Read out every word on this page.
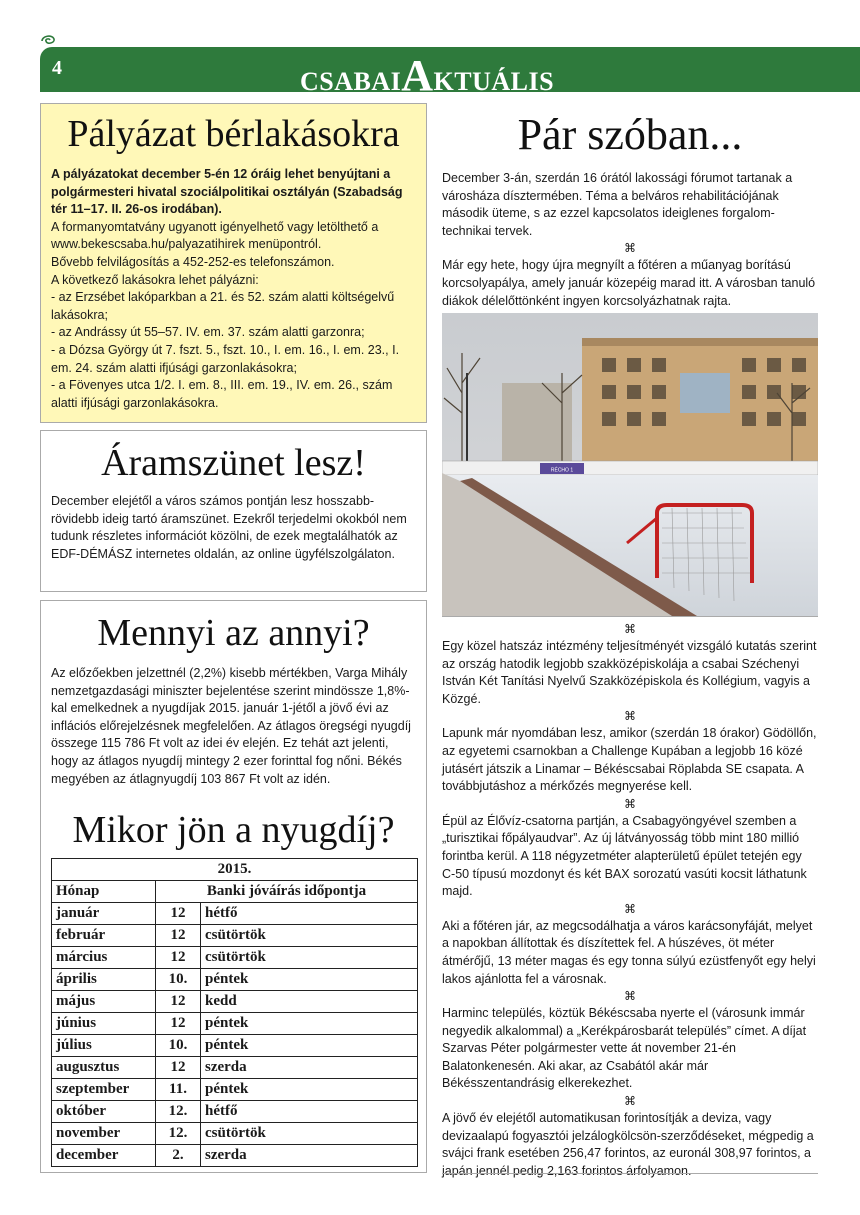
4	CSABAIAKTUÁLIS
Pályázat bérlakásokra

A pályázatokat december 5-én 12 óráig lehet benyújtani a polgármesteri hivatal szociálpolitikai osztályán (Szabadság tér 11–17. II. 26-os irodában).

A formanyomtatvány ugyanott igényelhető vagy letölthető a www.bekescsaba.hu/palyazatihirek menüpontról.

Bővebb felvilágosítás a 452-252-es telefonszámon.

A következő lakásokra lehet pályázni:

- az Erzsébet lakóparkban a 21. és 52. szám alatti költségelvű lakásokra;

- az Andrássy út 55–57. IV. em. 37. szám alatti garzonra;

- a Dózsa György út 7. fszt. 5., fszt. 10., I. em. 16., I. em. 23., I. em. 24. szám alatti ifjúsági garzonlakásokra;

- a Fövenyes utca 1/2. I. em. 8., III. em. 19., IV. em. 26., szám alatti ifjúsági garzonlakásokra.

Áramszünet lesz!

December elejétől a város számos pontján lesz hosszabb-rövidebb ideig tartó áramszünet. Ezekről terjedelmi okokból nem tudunk részletes információt közölni, de ezek megtalálhatók az EDF-DÉMÁSZ internetes oldalán, az online ügyfélszolgálaton.

Mennyi az annyi?

Az előzőekben jelzettnél (2,2%) kisebb mértékben, Varga Mihály nemzetgazdasági miniszter bejelentése szerint mindössze 1,8%-kal emelkednek a nyugdíjak 2015. január 1-jétől a jövő évi az inflációs előrejelzésnek megfelelően. Az átlagos öregségi nyugdíj összege 115 786 Ft volt az idei év elején. Ez tehát azt jelenti, hogy az átlagos nyugdíj mintegy 2 ezer forinttal fog nőni. Békés megyében az átlagnyugdíj 103 867 Ft volt az idén.

Mikor jön a nyugdíj?
2015.		
Hónap	Banki jóváírás időpontja	
január	12	hétfő
február	12	csütörtök
március	12	csütörtök
április	10.	péntek
május	12	kedd
június	12	péntek
július	10.	péntek
augusztus	12	szerda
szeptember	11.	péntek
október	12.	hétfő
november	12.	csütörtök
december	2.	szerda
Pár szóban...

December 3-án, szerdán 16 órától lakossági fórumot tartanak a városháza dísztermében. Téma a belváros rehabilitációjának második üteme, s az ezzel kapcsolatos ideiglenes forgalom-technikai tervek.

⌘

Már egy hete, hogy újra megnyílt a főtéren a műanyag borítású korcsolyapálya, amely január közepéig marad itt. A városban tanuló diákok délelőttönként ingyen korcsolyázhatnak rajta.

RÉCHO 1
⌘

Egy közel hatszáz intézmény teljesítményét vizsgáló kutatás szerint az ország hatodik legjobb szakközépiskolája a csabai Széchenyi István Két Tanítási Nyelvű Szakközépiskola és Kollégium, vagyis a Közgé.

⌘

Lapunk már nyomdában lesz, amikor (szerdán 18 órakor) Gödöllőn, az egyetemi csarnokban a Challenge Kupában a legjobb 16 közé jutásért játszik a Linamar – Békéscsabai Röplabda SE csapata. A továbbjutáshoz a mérkőzés megnyerése kell.

⌘

Épül az Élővíz-csatorna partján, a Csabagyöngyével szemben a „turisztikai főpályaudvar”. Az új látványosság több mint 180 millió forintba kerül. A 118 négyzetméter alapterületű épület tetején egy C-50 típusú mozdonyt és két BAX sorozatú vasúti kocsit láthatunk majd.

⌘

Aki a főtéren jár, az megcsodálhatja a város karácsonyfáját, melyet a napokban állítottak és díszítettek fel. A húszéves, öt méter átmérőjű, 13 méter magas és egy tonna súlyú ezüstfenyőt egy helyi lakos ajánlotta fel a városnak.

⌘

Harminc település, köztük Békéscsaba nyerte el (városunk immár negyedik alkalommal) a „Kerékpárosbarát település” címet. A díjat Szarvas Péter polgármester vette át november 21-én Balatonkenesén. Aki akar, az Csabától akár már Békésszentandrásig elkerekezhet.

⌘

A jövő év elejétől automatikusan forintosítják a deviza, vagy devizaalapú fogyasztói jelzálogkölcsön-szerződéseket, mégpedig a svájci frank esetében 256,47 forintos, az euronál 308,97 forintos, a japán jennél pedig 2,163 forintos árfolyamon.
